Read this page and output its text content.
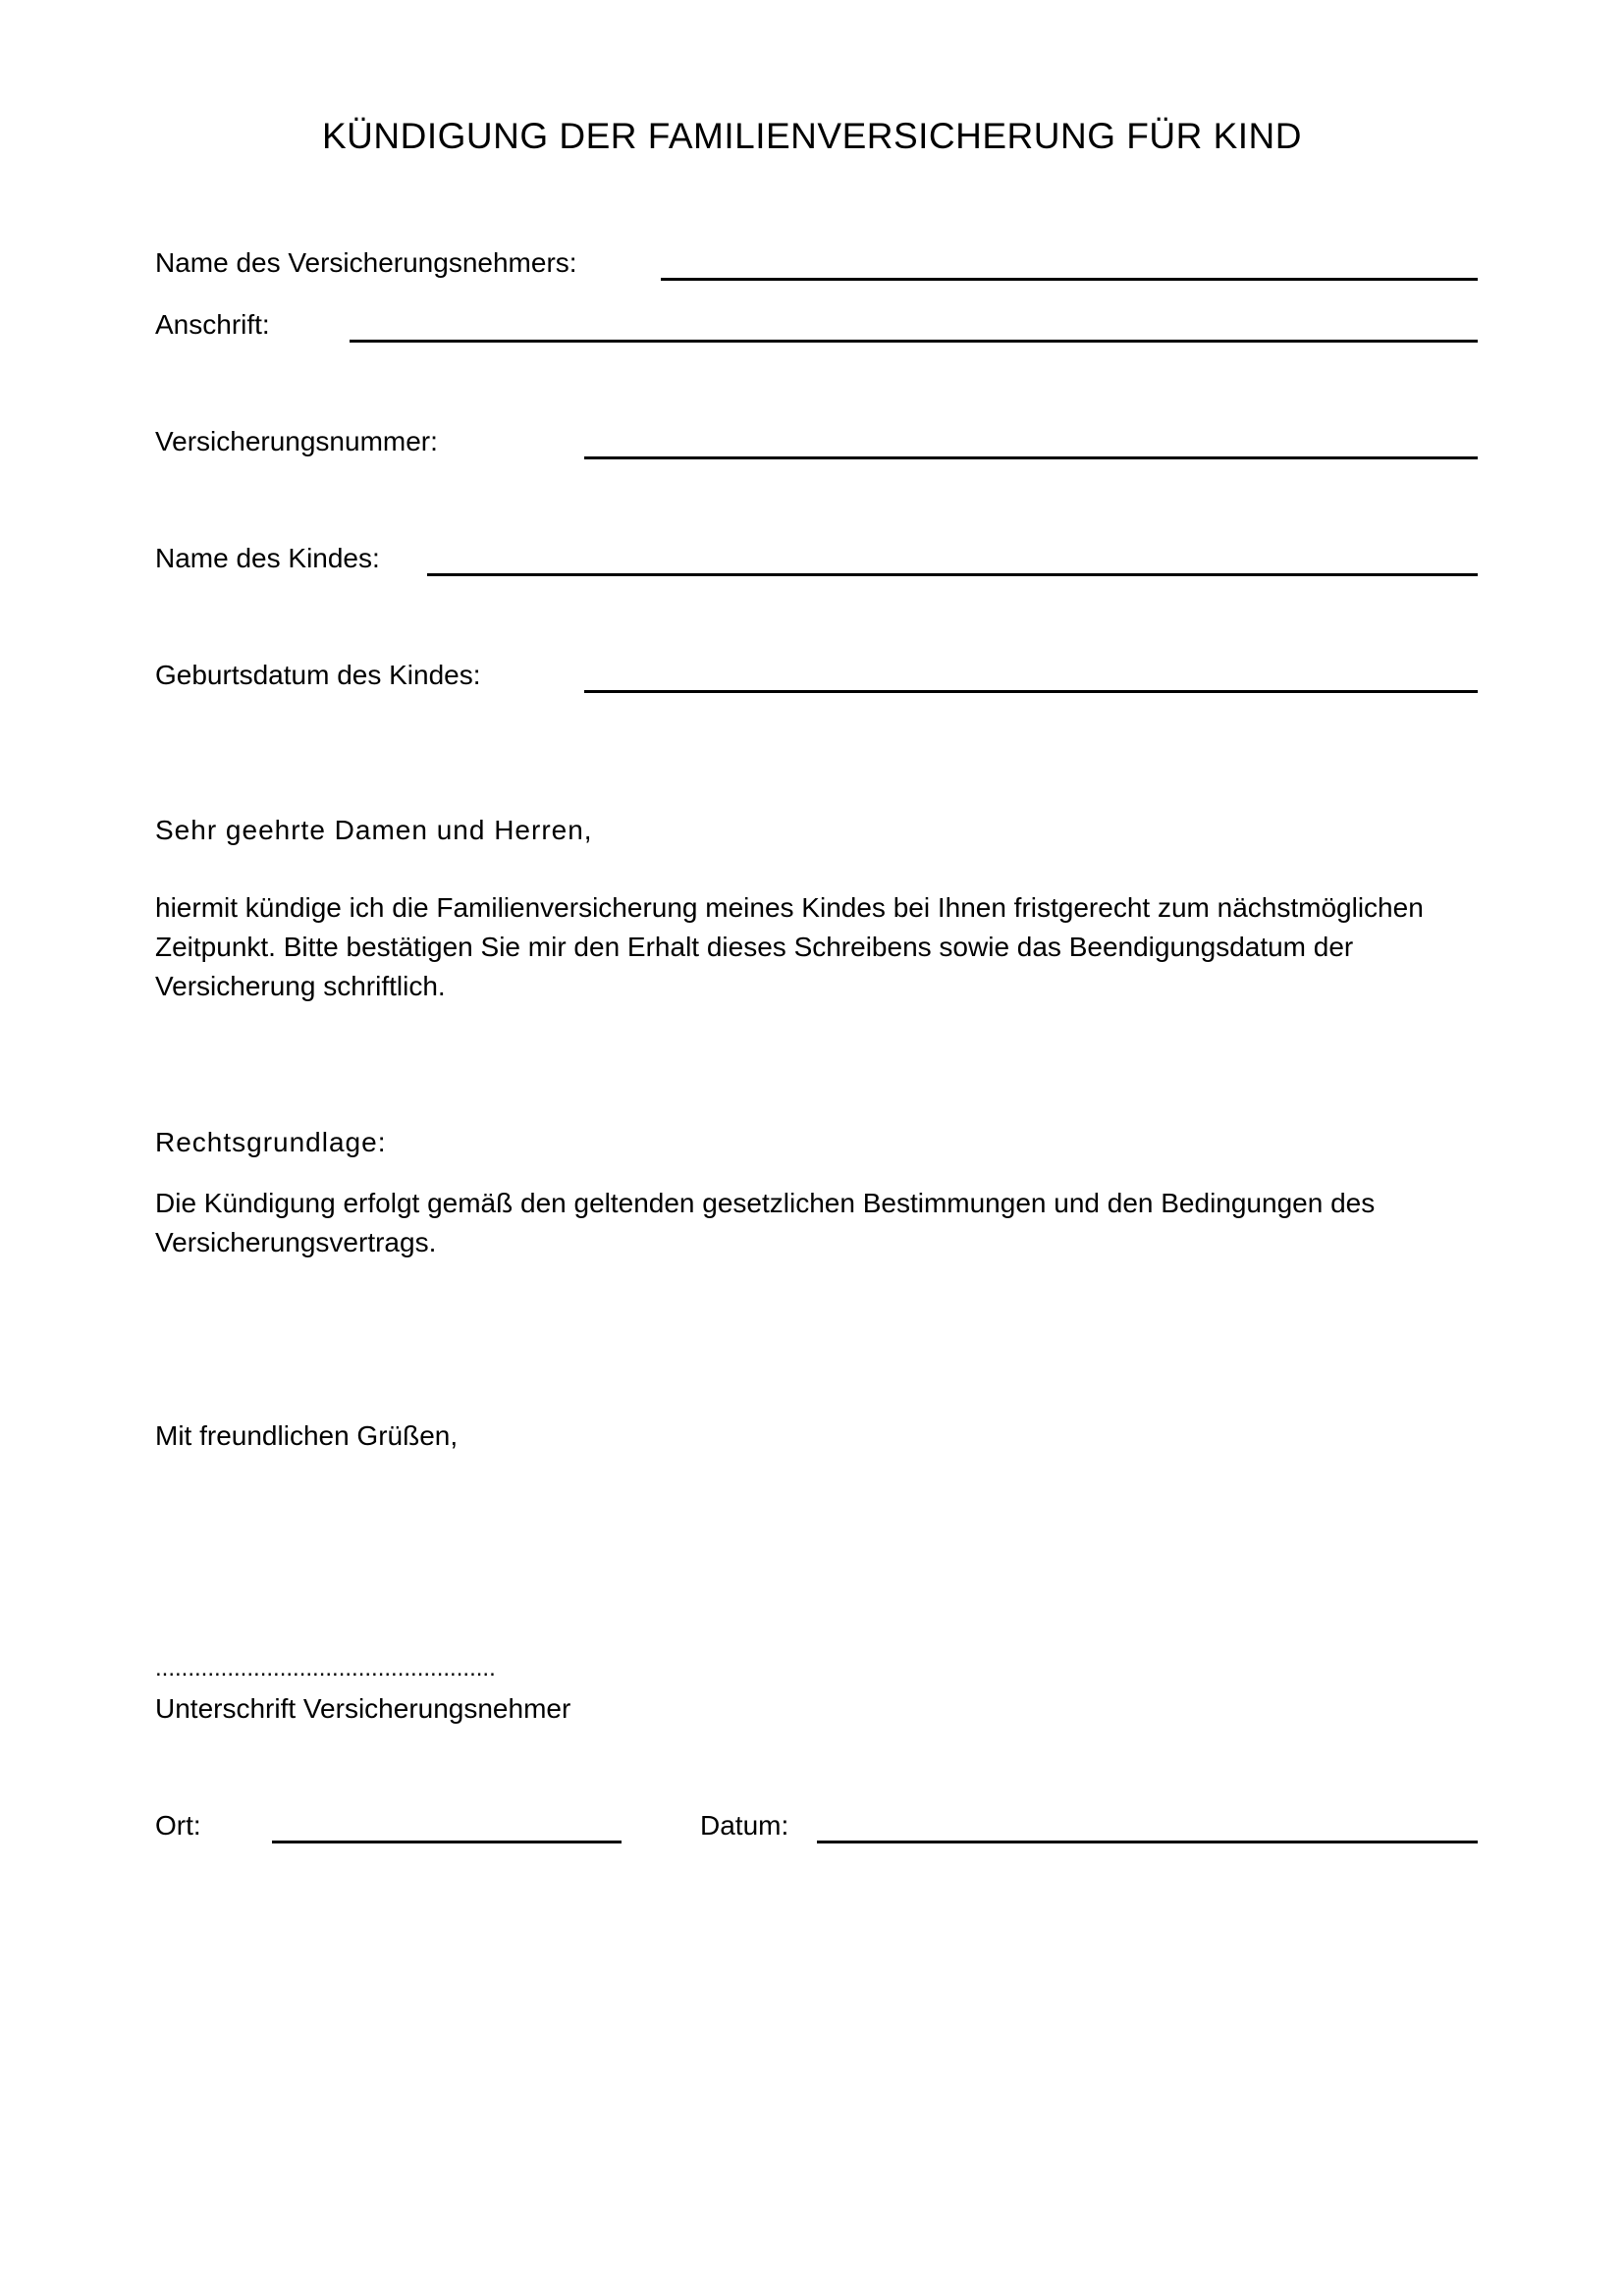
KÜNDIGUNG DER FAMILIENVERSICHERUNG FÜR KIND
Name des Versicherungsnehmers:
Anschrift:
Versicherungsnummer:
Name des Kindes:
Geburtsdatum des Kindes:
Sehr geehrte Damen und Herren,
hiermit kündige ich die Familienversicherung meines Kindes bei Ihnen fristgerecht zum nächstmöglichen Zeitpunkt. Bitte bestätigen Sie mir den Erhalt dieses Schreibens sowie das Beendigungsdatum der Versicherung schriftlich.
Rechtsgrundlage:
Die Kündigung erfolgt gemäß den geltenden gesetzlichen Bestimmungen und den Bedingungen des Versicherungsvertrags.
Mit freundlichen Grüßen,
....................................................
Unterschrift Versicherungsnehmer
Ort:	Datum:
